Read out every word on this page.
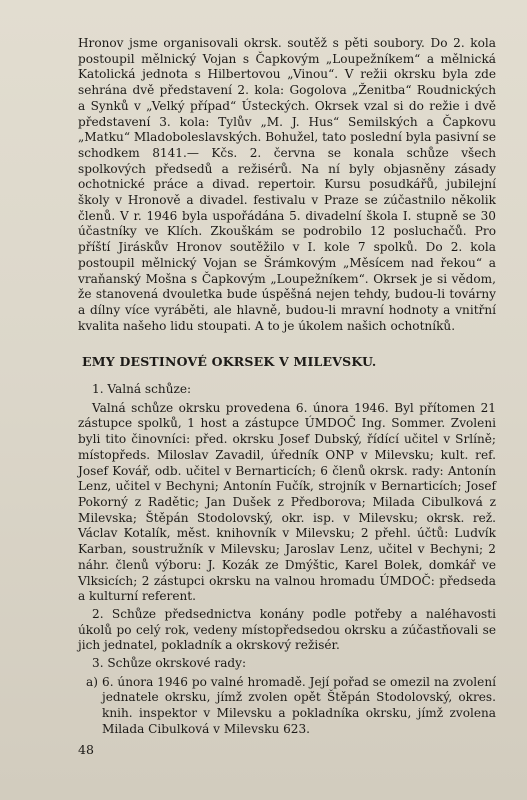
Hronov jsme organisovali okrsk. soutěž s pěti soubory. Do 2. kola postoupil mělnický Vojan s Čapkovým „Loupežníkem“ a mělnická Katolická jednota s Hilbertovou „Vinou“. V režii okrsku byla zde sehrána dvě představení 2. kola: Gogolova „Ženitba“ Roudnických a Synků v „Velký případ“ Ústeckých. Okrsek vzal si do režie i dvě představení 3. kola: Tylův „M. J. Hus“ Semilských a Čapkovu „Matku“ Mladoboleslavských. Bohužel, tato poslední byla pasivní se schodkem 8141.— Kčs. 2. června se konala schůze všech spolkových předsedů a režisérů. Na ní byly objasněny zásady ochotnické práce a divad. repertoir. Kursu posudkářů, jubilejní školy v Hronově a divadel. festivalu v Praze se zúčastnilo několik členů. V r. 1946 byla uspořádána 5. divadelní škola I. stupně se 30 účastníky ve Klích. Zkouškám se podrobilo 12 posluchačů. Pro příští Jiráskův Hronov soutěžilo v I. kole 7 spolků. Do 2. kola postoupil mělnický Vojan se Šrámkovým „Měsícem nad řekou“ a vraňanský Mošna s Čapkovým „Loupežníkem“. Okrsek je si vědom, že stanovená dvouletka bude úspěšná nejen tehdy, budou-li továrny a dílny více vyráběti, ale hlavně, budou-li mravní hodnoty a vnitřní kvalita našeho lidu stoupati. A to je úkolem našich ochotníků.

EMY DESTINOVÉ OKRSEK V MILEVSKU.
1. Valná schůze:

Valná schůze okrsku provedena 6. února 1946. Byl přítomen 21 zástupce spolků, 1 host a zástupce ÚMDOČ Ing. Sommer. Zvoleni byli tito činovníci: před. okrsku Josef Dubský, řídící učitel v Srlíně; místopředs. Miloslav Zavadil, úředník ONP v Milevsku; kult. ref. Josef Kovář, odb. učitel v Bernarticích; 6 členů okrsk. rady: Antonín Lenz, učitel v Bechyni; Antonín Fučík, strojník v Bernarticích; Josef Pokorný z Radětic; Jan Dušek z Předborova; Milada Cibulková z Milevska; Štěpán Stodolovský, okr. isp. v Milevsku; okrsk. rež. Václav Kotalík, měst. knihovník v Milevsku; 2 přehl. účtů: Ludvík Karban, soustružník v Milevsku; Jaroslav Lenz, učitel v Bechyni; 2 náhr. členů výboru: J. Kozák ze Dmýštic, Karel Bolek, domkář ve Vlksicích; 2 zástupci okrsku na valnou hromadu ÚMDOČ: předseda a kulturní referent.

2. Schůze předsednictva konány podle potřeby a naléhavosti úkolů po celý rok, vedeny místopředsedou okrsku a zúčastňovali se jich jednatel, pokladník a okrskový režisér.

3. Schůze okrskové rady:
a) 6. února 1946 po valné hromadě. Její pořad se omezil na zvolení jednatele okrsku, jímž zvolen opět Štěpán Stodolovský, okres. knih. inspektor v Milevsku a pokladníka okrsku, jímž zvolena Milada Cibulková v Milevsku 623.
48
